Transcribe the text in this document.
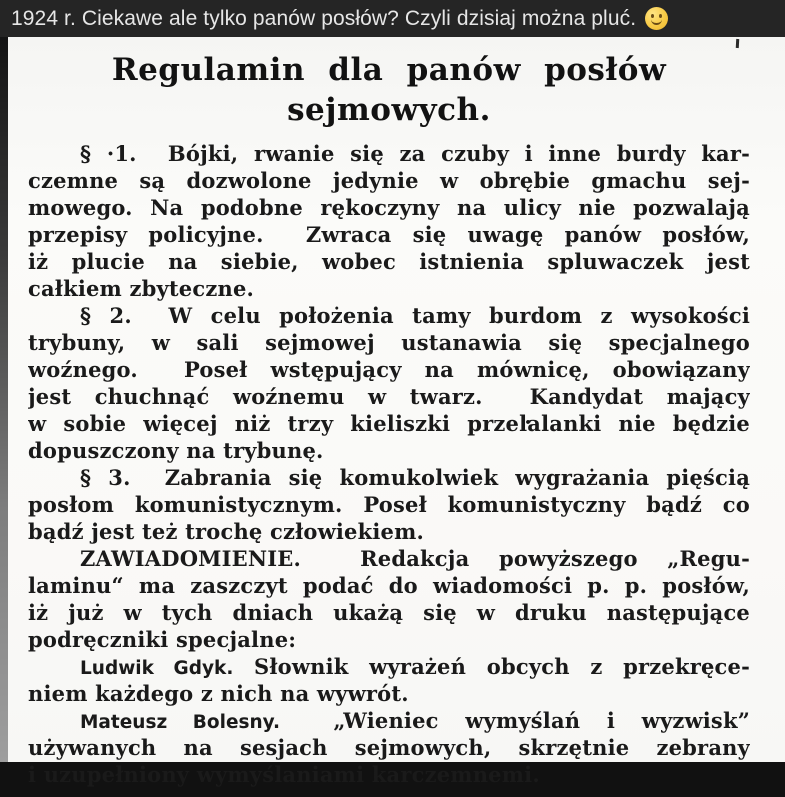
1924 r. Ciekawe ale tylko panów posłów? Czyli dzisiaj można pluć.
Regulamin dla panów posłów sejmowych.
§ ·1.  Bójki, rwanie się za czuby i inne burdy kar-
czemne są dozwolone jedynie w obrębie gmachu sej-
mowego. Na podobne rękoczyny na ulicy nie pozwalają
przepisy policyjne.  Zwraca się uwagę panów posłów,
iż plucie na siebie, wobec istnienia spluwaczek jest
całkiem zbyteczne.
§ 2.  W celu położenia tamy burdom z wysokości
trybuny, w sali sejmowej ustanawia się specjalnego
woźnego.  Poseł wstępujący na mównicę, obowiązany
jest chuchnąć woźnemu w twarz.  Kandydat mający
w sobie więcej niż trzy kieliszki przeŀalanki nie będzie
dopuszczony na trybunę.
§ 3.  Zabrania się komukolwiek wygrażania pięścią
posłom komunistycznym. Poseł komunistyczny bądź co
bądź jest też trochę człowiekiem.
ZAWIADOMIENIE.  Redakcja powyższego „Regu-
laminu“ ma zaszczyt podać do wiadomości p. p. posłów,
iż już w tych dniach ukażą się w druku następujące
podręczniki specjalne:
Ludwik Gdyk. Słownik wyrażeń obcych z przekręce-
niem każdego z nich na wywrót.
Mateusz Bolesny.  „Wieniec wymyślań i wyzwisk”
używanych na sesjach sejmowych, skrzętnie zebrany
i uzupełniony wymyślaniami karczemnemi.
